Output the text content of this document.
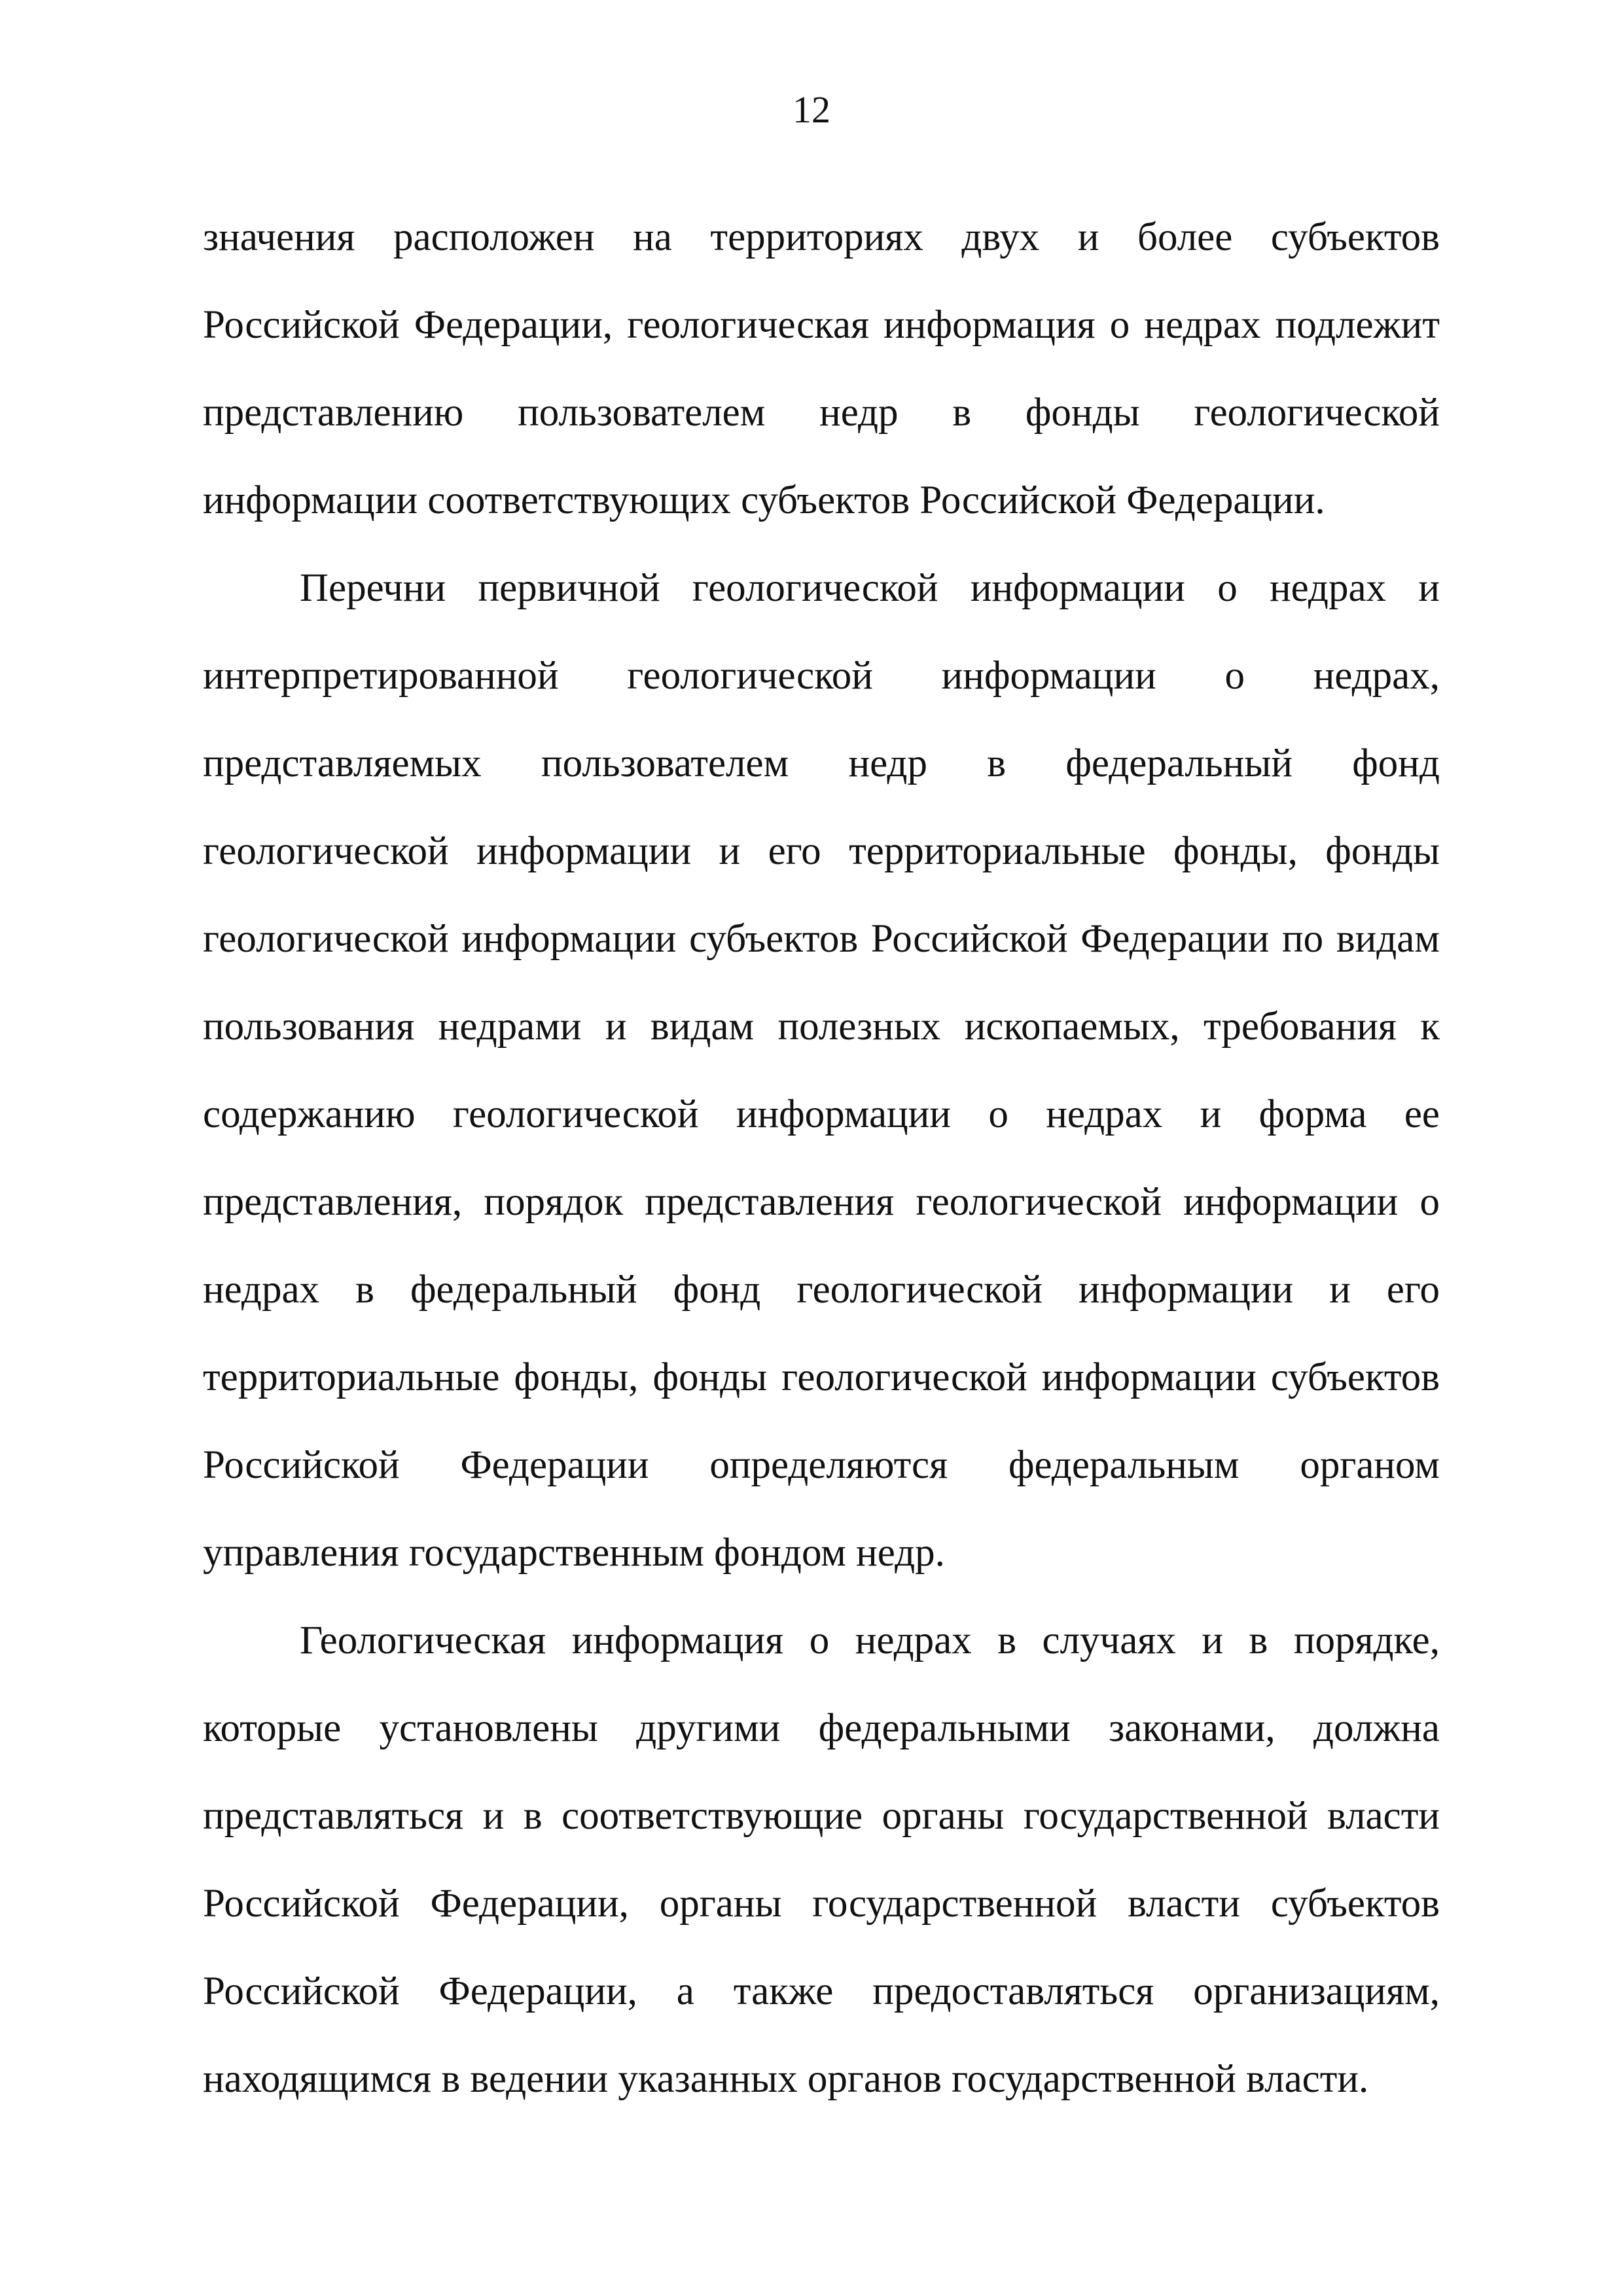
12

значения расположен на территориях двух и более субъектов Российской Федерации, геологическая информация о недрах подлежит представлению пользователем недр в фонды геологической информации соответствующих субъектов Российской Федерации.

Перечни первичной геологической информации о недрах и интерпретированной геологической информации о недрах, представляемых пользователем недр в федеральный фонд геологической информации и его территориальные фонды, фонды геологической информации субъектов Российской Федерации по видам пользования недрами и видам полезных ископаемых, требования к содержанию геологической информации о недрах и форма ее представления, порядок представления геологической информации о недрах в федеральный фонд геологической информации и его территориальные фонды, фонды геологической информации субъектов Российской Федерации определяются федеральным органом управления государственным фондом недр.

Геологическая информация о недрах в случаях и в порядке, которые установлены другими федеральными законами, должна представляться и в соответствующие органы государственной власти Российской Федерации, органы государственной власти субъектов Российской Федерации, а также предоставляться организациям, находящимся в ведении указанных органов государственной власти.
